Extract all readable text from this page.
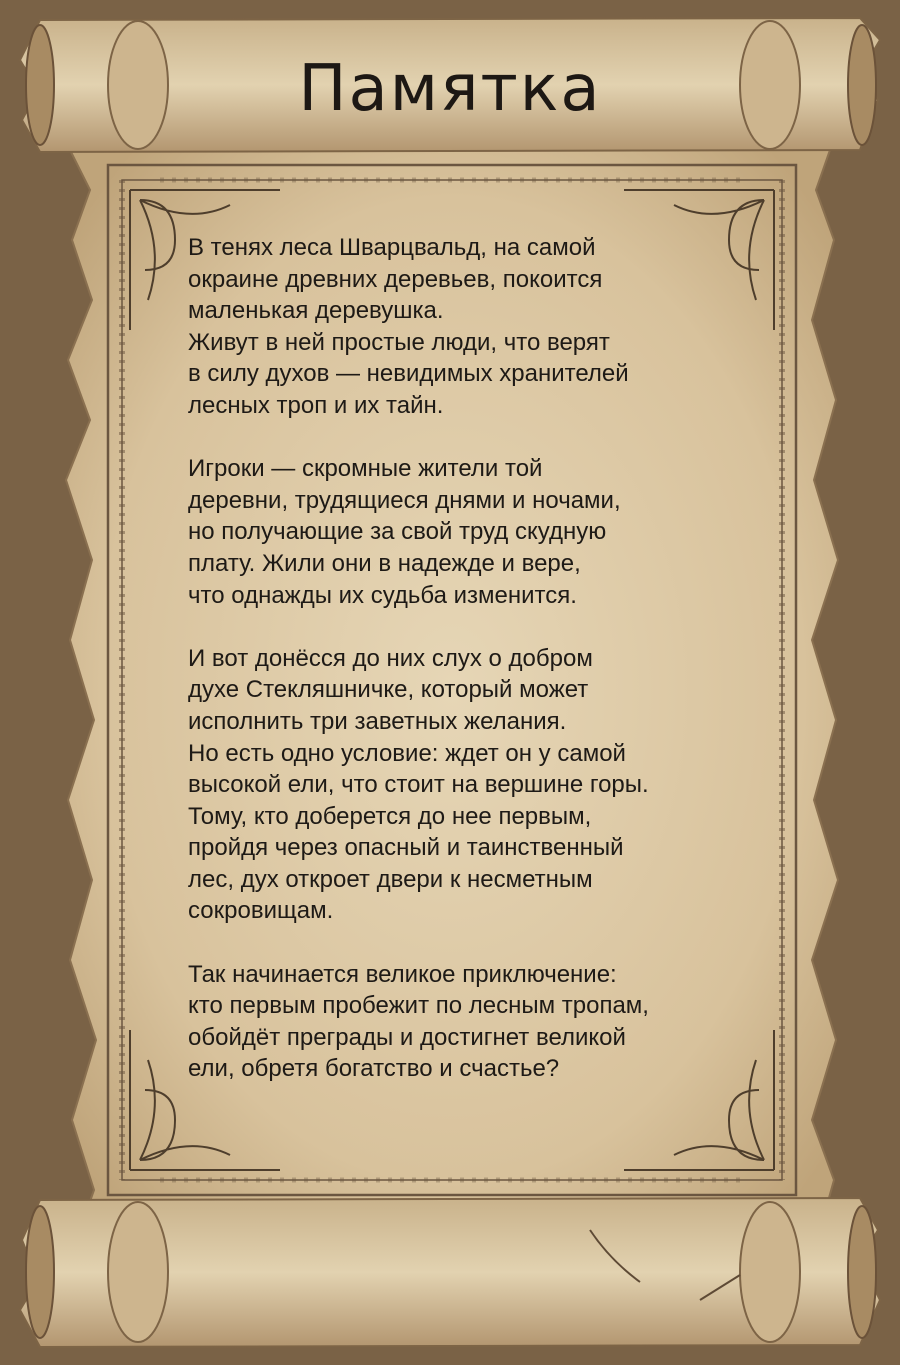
Памятка

В тенях леса Шварцвальд, на самой
окраине древних деревьев, покоится
маленькая деревушка.
Живут в ней простые люди, что верят
в силу духов — невидимых хранителей
лесных троп и их тайн.

Игроки — скромные жители той
деревни, трудящиеся днями и ночами,
но получающие за свой труд скудную
плату. Жили они в надежде и вере,
что однажды их судьба изменится.

И вот донёсся до них слух о добром
духе Стекляшничке, который может
исполнить три заветных желания.
Но есть одно условие: ждет он у самой
высокой ели, что стоит на вершине горы.
Тому, кто доберется до нее первым,
пройдя через опасный и таинственный
лес, дух откроет двери к несметным
сокровищам.

Так начинается великое приключение:
кто первым пробежит по лесным тропам,
обойдёт преграды и достигнет великой
ели, обретя богатство и счастье?
